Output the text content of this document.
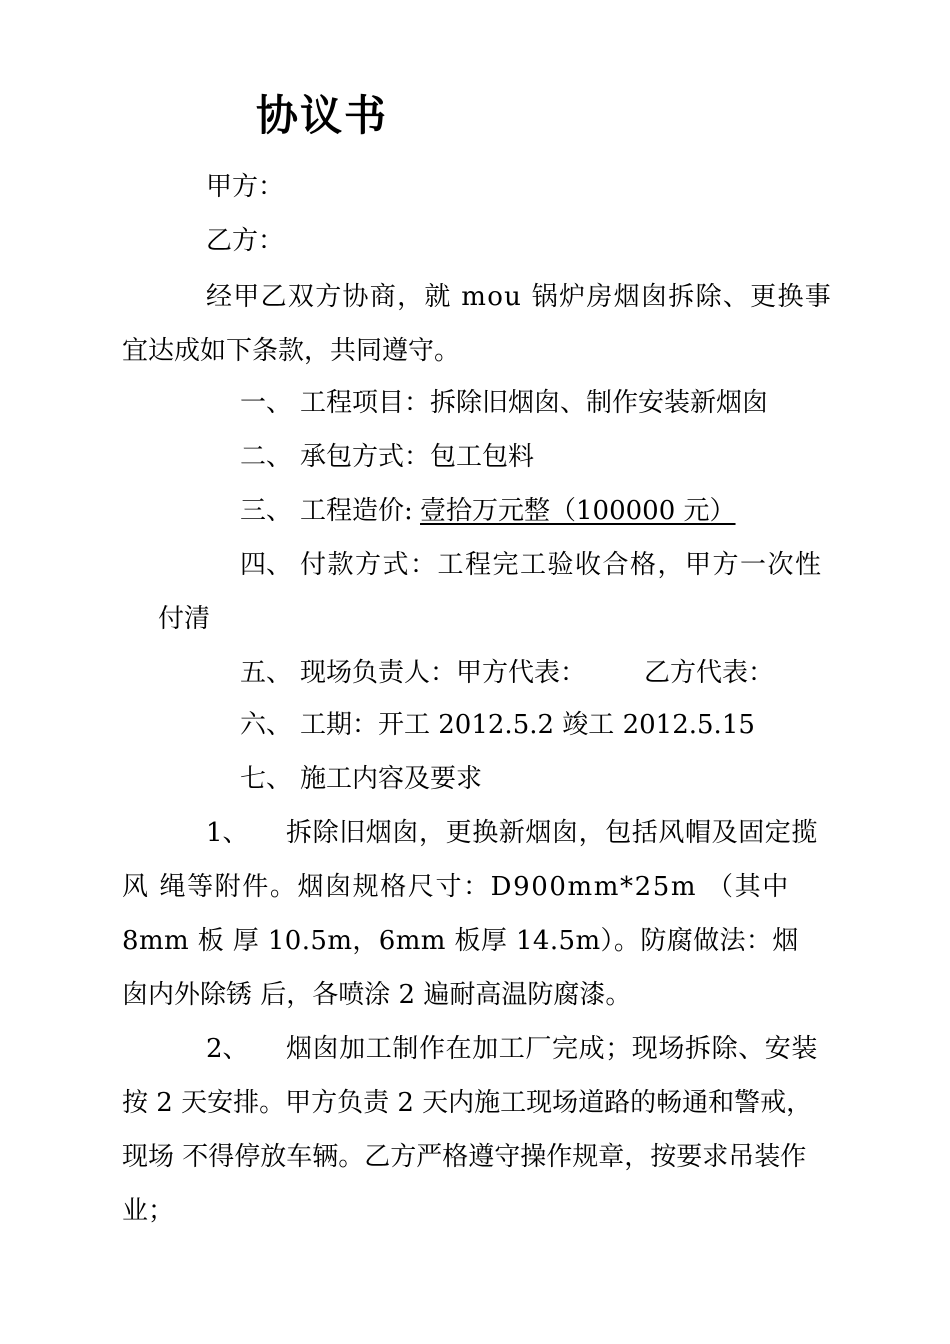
协议书
甲方：
乙方：
经甲乙双方协商，就 mou 锅炉房烟囱拆除、更换事
宜达成如下条款，共同遵守。
一、 工程项目：拆除旧烟囱、制作安装新烟囱
二、 承包方式：包工包料
三、 工程造价: 壹拾万元整（100000 元）
四、 付款方式：工程完工验收合格，甲方一次性
付清
五、 现场负责人：甲方代表： 乙方代表：
六、 工期：开工 2012.5.2 竣工 2012.5.15
七、 施工内容及要求
1、 拆除旧烟囱，更换新烟囱，包括风帽及固定揽
风 绳等附件。烟囱规格尺寸：D900mm*25m （其中
8mm 板 厚 10.5m，6mm 板厚 14.5m）。防腐做法：烟
囱内外除锈 后，各喷涂 2 遍耐高温防腐漆。
2、 烟囱加工制作在加工厂完成；现场拆除、安装
按 2 天安排。甲方负责 2 天内施工现场道路的畅通和警戒，
现场 不得停放车辆。乙方严格遵守操作规章，按要求吊装作
业；
